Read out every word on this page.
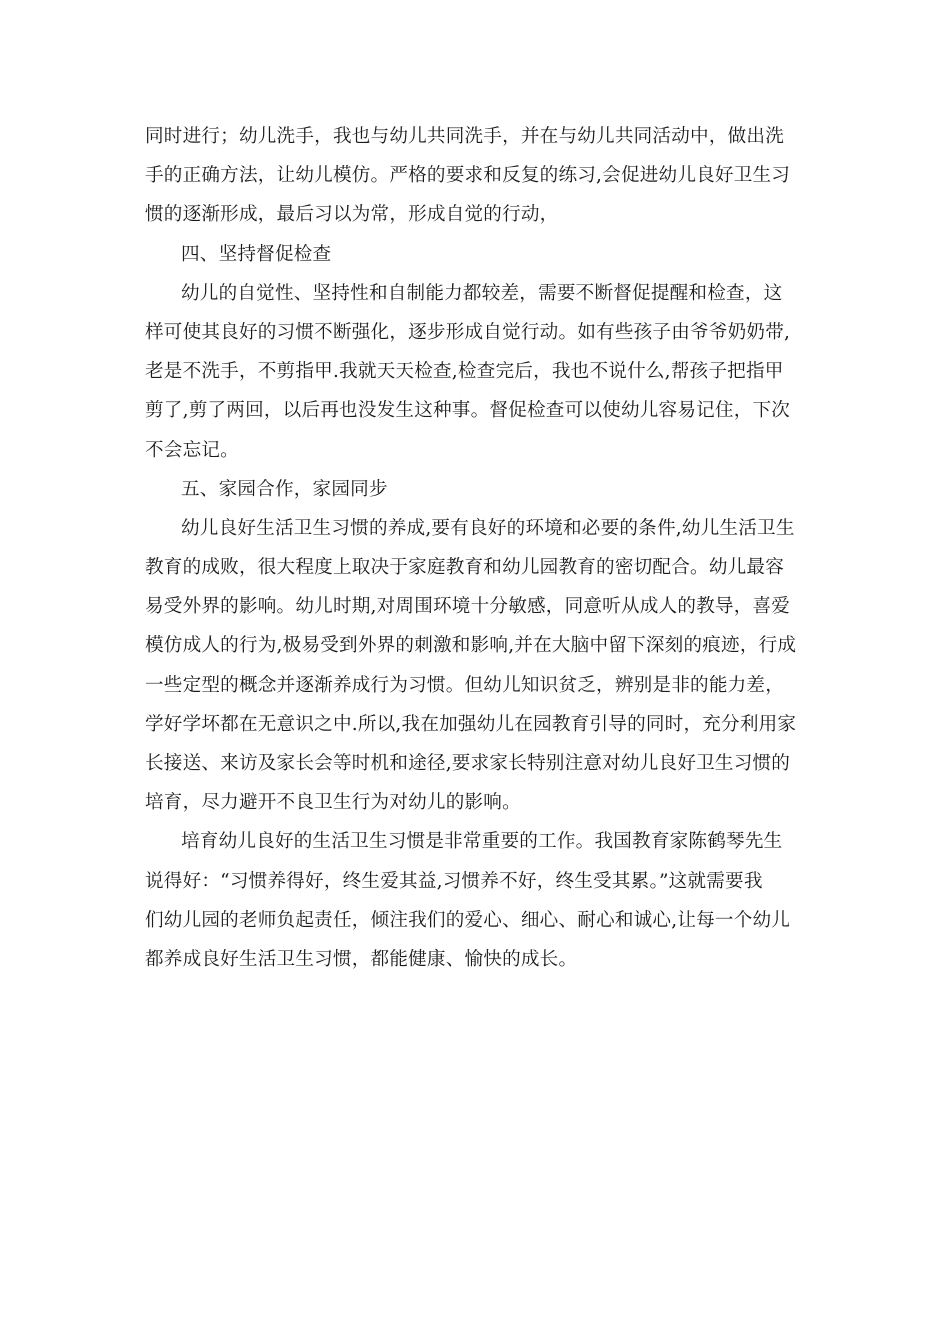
同时进行；幼儿洗手，我也与幼儿共同洗手，并在与幼儿共同活动中，做出洗
手的正确方法，让幼儿模仿。严格的要求和反复的练习,会促进幼儿良好卫生习
惯的逐渐形成，最后习以为常，形成自觉的行动，
四、坚持督促检查
幼儿的自觉性、坚持性和自制能力都较差，需要不断督促提醒和检查，这
样可使其良好的习惯不断强化，逐步形成自觉行动。如有些孩子由爷爷奶奶带,
老是不洗手，不剪指甲.我就天天检查,检查完后，我也不说什么,帮孩子把指甲
剪了,剪了两回，以后再也没发生这种事。督促检查可以使幼儿容易记住，下次
不会忘记。
五、家园合作，家园同步
幼儿良好生活卫生习惯的养成,要有良好的环境和必要的条件,幼儿生活卫生
教育的成败，很大程度上取决于家庭教育和幼儿园教育的密切配合。幼儿最容
易受外界的影响。幼儿时期,对周围环境十分敏感，同意听从成人的教导，喜爱
模仿成人的行为,极易受到外界的刺激和影响,并在大脑中留下深刻的痕迹，行成
一些定型的概念并逐渐养成行为习惯。但幼儿知识贫乏，辨别是非的能力差，
学好学坏都在无意识之中.所以,我在加强幼儿在园教育引导的同时，充分利用家
长接送、来访及家长会等时机和途径,要求家长特别注意对幼儿良好卫生习惯的
培育，尽力避开不良卫生行为对幼儿的影响。
培育幼儿良好的生活卫生习惯是非常重要的工作。我国教育家陈鹤琴先生
说得好：“习惯养得好，终生爱其益,习惯养不好，终生受其累。”这就需要我
们幼儿园的老师负起责任，倾注我们的爱心、细心、耐心和诚心,让每一个幼儿
都养成良好生活卫生习惯，都能健康、愉快的成长。
